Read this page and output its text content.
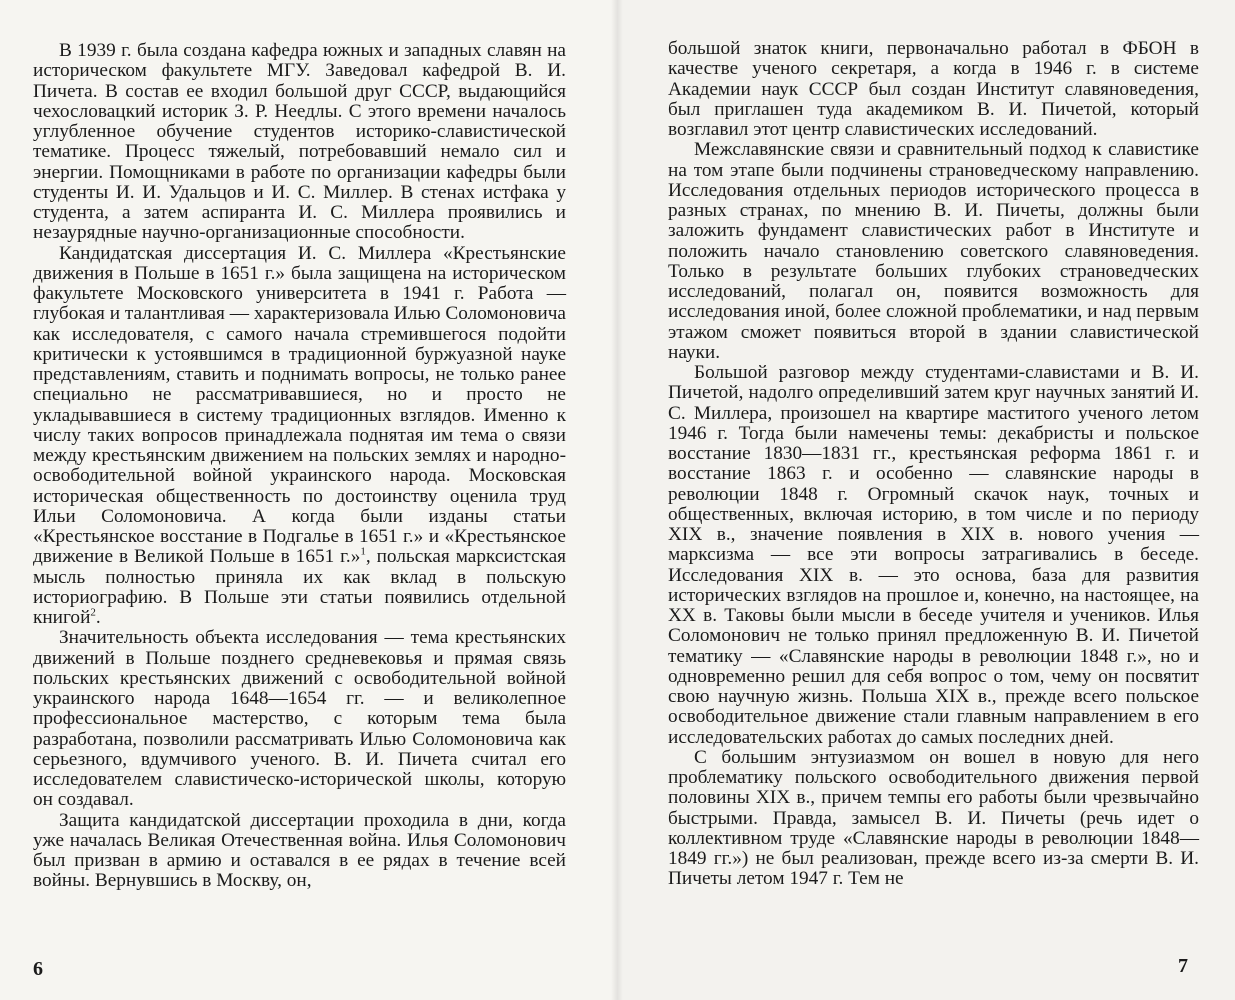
В 1939 г. была создана кафедра южных и западных славян на историческом факультете МГУ. Заведовал кафедрой В. И. Пичета. В состав ее входил большой друг СССР, выдающийся чехословацкий историк З. Р. Неедлы. С этого времени началось углубленное обучение студентов историко-славистической тематике. Процесс тяжелый, потребовавший немало сил и энергии. Помощниками в работе по организации кафедры были студенты И. И. Удальцов и И. С. Миллер. В стенах истфака у студента, а затем аспиранта И. С. Миллера проявились и незаурядные научно-организационные способности.

Кандидатская диссертация И. С. Миллера «Крестьянские движения в Польше в 1651 г.» была защищена на историческом факультете Московского университета в 1941 г. Работа — глубокая и талантливая — характеризовала Илью Соломоновича как исследователя, с самого начала стремившегося подойти критически к устоявшимся в традиционной буржуазной науке представлениям, ставить и поднимать вопросы, не только ранее специально не рассматривавшиеся, но и просто не укладывавшиеся в систему традиционных взглядов. Именно к числу таких вопросов принадлежала поднятая им тема о связи между крестьянским движением на польских землях и народно-освободительной войной украинского народа. Московская историческая общественность по достоинству оценила труд Ильи Соломоновича. А когда были изданы статьи «Крестьянское восстание в Подгалье в 1651 г.» и «Крестьянское движение в Великой Польше в 1651 г.»$^1$, польская марксистская мысль полностью приняла их как вклад в польскую историографию. В Польше эти статьи появились отдельной книгой$^2$.

Значительность объекта исследования — тема крестьянских движений в Польше позднего средневековья и прямая связь польских крестьянских движений с освободительной войной украинского народа 1648—1654 гг. — и великолепное профессиональное мастерство, с которым тема была разработана, позволили рассматривать Илью Соломоновича как серьезного, вдумчивого ученого. В. И. Пичета считал его исследователем славистическо-исторической школы, которую он создавал.

Защита кандидатской диссертации проходила в дни, когда уже началась Великая Отечественная война. Илья Соломонович был призван в армию и оставался в ее рядах в течение всей войны. Вернувшись в Москву, он,

6

большой знаток книги, первоначально работал в ФБОН в качестве ученого секретаря, а когда в 1946 г. в системе Академии наук СССР был создан Институт славяноведения, был приглашен туда академиком В. И. Пичетой, который возглавил этот центр славистических исследований.

Межславянские связи и сравнительный подход к славистике на том этапе были подчинены страноведческому направлению. Исследования отдельных периодов исторического процесса в разных странах, по мнению В. И. Пичеты, должны были заложить фундамент славистических работ в Институте и положить начало становлению советского славяноведения. Только в результате больших глубоких страноведческих исследований, полагал он, появится возможность для исследования иной, более сложной проблематики, и над первым этажом сможет появиться второй в здании славистической науки.

Большой разговор между студентами-славистами и В. И. Пичетой, надолго определивший затем круг научных занятий И. С. Миллера, произошел на квартире маститого ученого летом 1946 г. Тогда были намечены темы: декабристы и польское восстание 1830—1831 гг., крестьянская реформа 1861 г. и восстание 1863 г. и особенно — славянские народы в революции 1848 г. Огромный скачок наук, точных и общественных, включая историю, в том числе и по периоду XIX в., значение появления в XIX в. нового учения — марксизма — все эти вопросы затрагивались в беседе. Исследования XIX в. — это основа, база для развития исторических взглядов на прошлое и, конечно, на настоящее, на XX в. Таковы были мысли в беседе учителя и учеников. Илья Соломонович не только принял предложенную В. И. Пичетой тематику — «Славянские народы в революции 1848 г.», но и одновременно решил для себя вопрос о том, чему он посвятит свою научную жизнь. Польша XIX в., прежде всего польское освободительное движение стали главным направлением в его исследовательских работах до самых последних дней.

С большим энтузиазмом он вошел в новую для него проблематику польского освободительного движения первой половины XIX в., причем темпы его работы были чрезвычайно быстрыми. Правда, замысел В. И. Пичеты (речь идет о коллективном труде «Славянские народы в революции 1848—1849 гг.») не был реализован, прежде всего из-за смерти В. И. Пичеты летом 1947 г. Тем не

7
